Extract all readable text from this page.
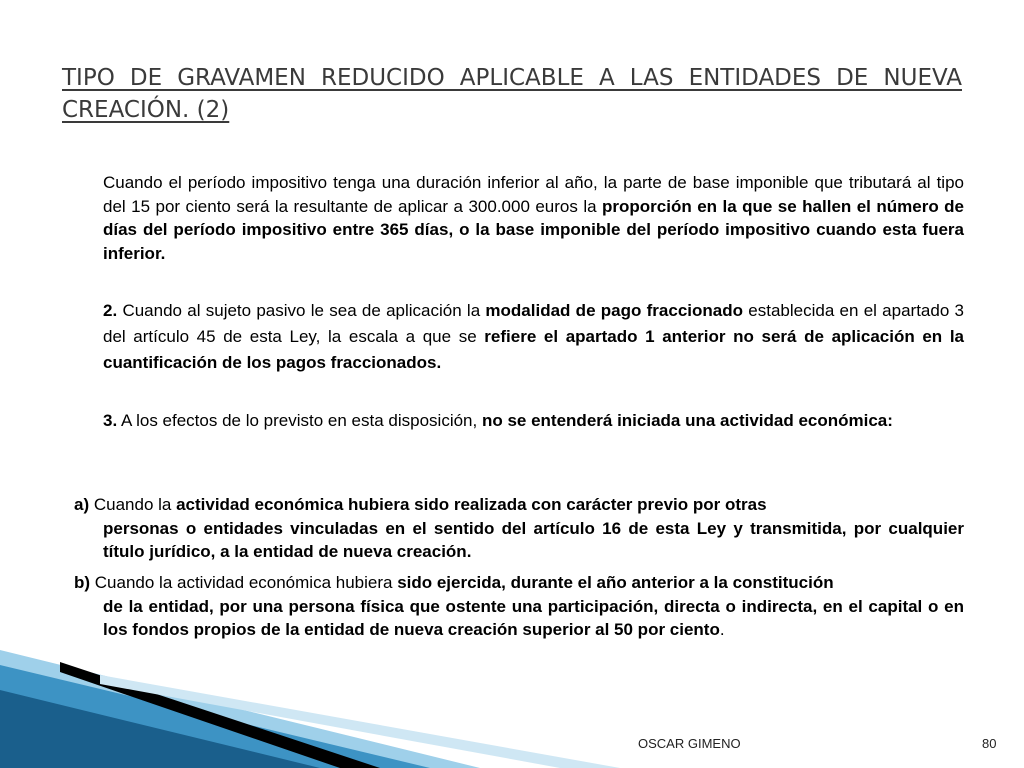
TIPO DE GRAVAMEN REDUCIDO APLICABLE A LAS ENTIDADES DE NUEVA CREACIÓN. (2)

Cuando el período impositivo tenga una duración inferior al año, la parte de base imponible que tributará al tipo del 15 por ciento será la resultante de aplicar a 300.000 euros la proporción en la que se hallen el número de días del período impositivo entre 365 días, o la base imponible del período impositivo cuando esta fuera inferior.

2. Cuando al sujeto pasivo le sea de aplicación la modalidad de pago fraccionado establecida en el apartado 3 del artículo 45 de esta Ley, la escala a que se refiere el apartado 1 anterior no será de aplicación en la cuantificación de los pagos fraccionados.

3. A los efectos de lo previsto en esta disposición, no se entenderá iniciada una actividad económica:

a) Cuando la actividad económica hubiera sido realizada con carácter previo por otras
personas o entidades vinculadas en el sentido del artículo 16 de esta Ley y transmitida, por cualquier título jurídico, a la entidad de nueva creación.

b) Cuando la actividad económica hubiera sido ejercida, durante el año anterior a la constitución
de la entidad, por una persona física que ostente una participación, directa o indirecta, en el capital o en los fondos propios de la entidad de nueva creación superior al 50 por ciento.

OSCAR GIMENO	80
